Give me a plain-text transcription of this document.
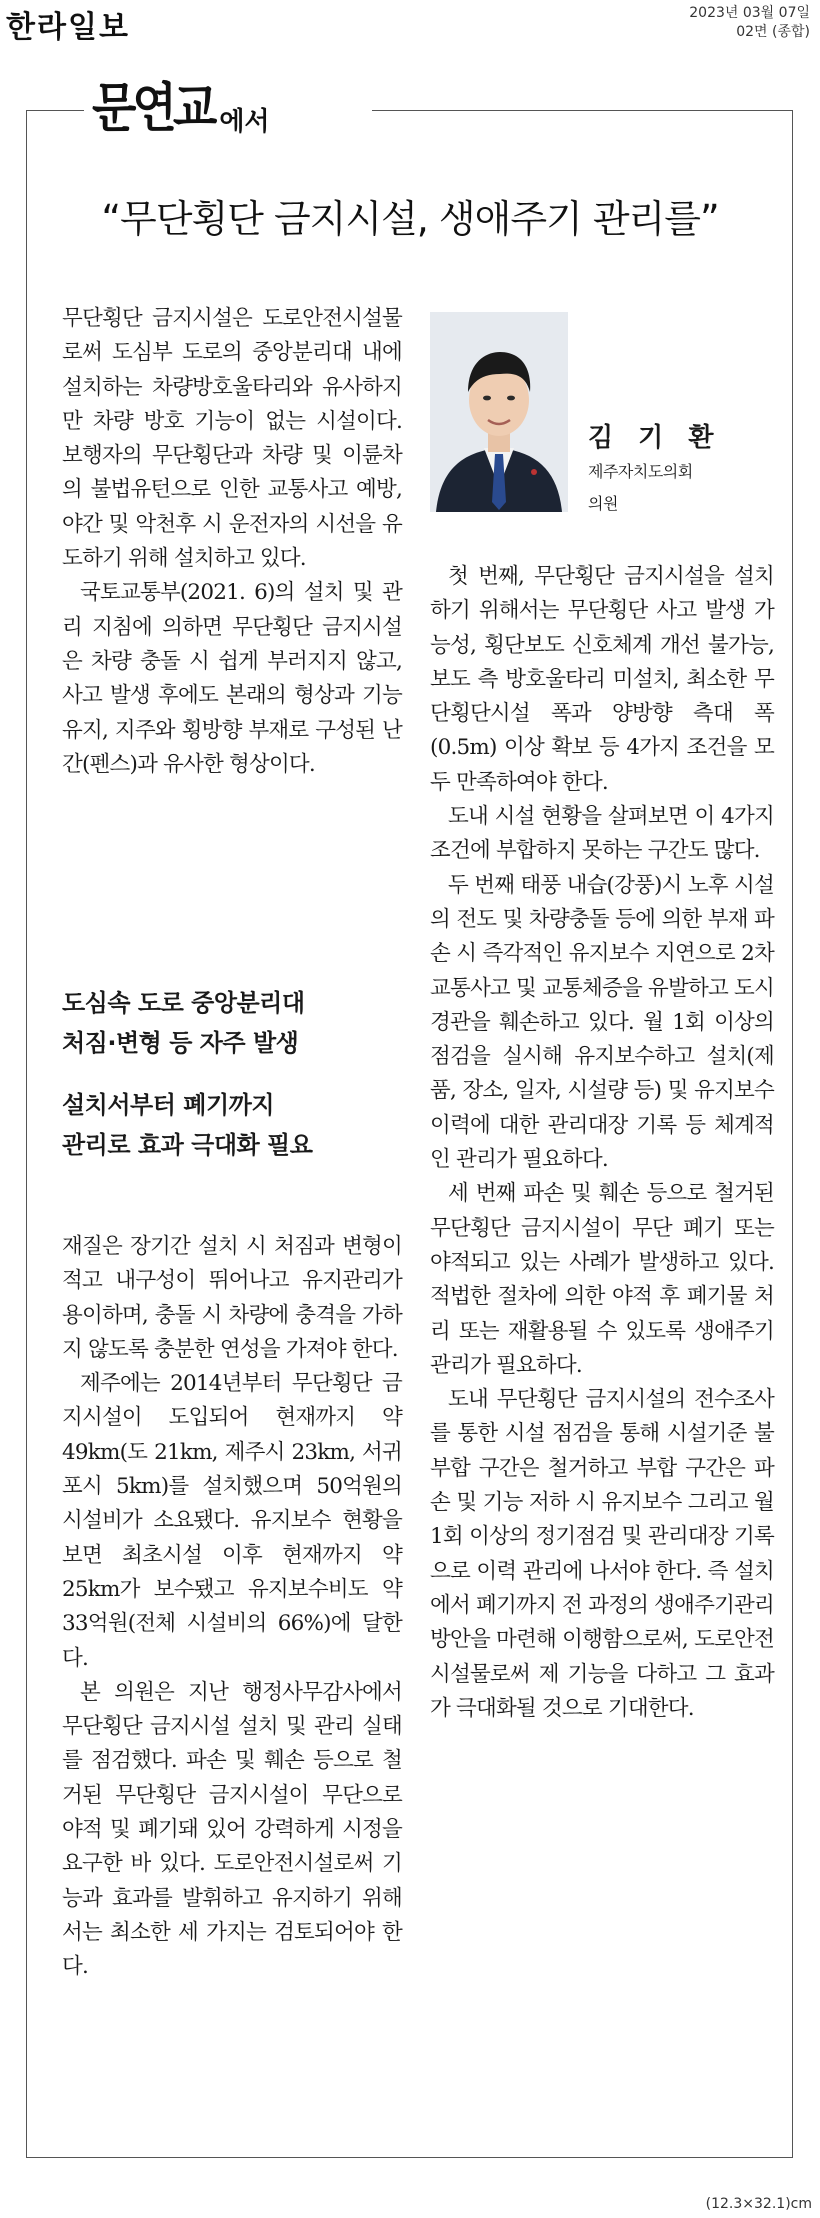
한라일보	2023년 03월 07일
02면 (종합)
문연교 에서
“무단횡단 금지시설, 생애주기 관리를”

무단횡단 금지시설은 도로안전시설물로써 도심부 도로의 중앙분리대 내에 설치하는 차량방호울타리와 유사하지만 차량 방호 기능이 없는 시설이다. 보행자의 무단횡단과 차량 및 이륜차의 불법유턴으로 인한 교통사고 예방, 야간 및 악천후 시 운전자의 시선을 유도하기 위해 설치하고 있다.

국토교통부(2021. 6)의 설치 및 관리 지침에 의하면 무단횡단 금지시설은 차량 충돌 시 쉽게 부러지지 않고, 사고 발생 후에도 본래의 형상과 기능 유지, 지주와 횡방향 부재로 구성된 난간(펜스)과 유사한 형상이다.

도심속 도로 중앙분리대
처짐·변형 등 자주 발생
설치서부터 폐기까지
관리로 효과 극대화 필요

재질은 장기간 설치 시 처짐과 변형이 적고 내구성이 뛰어나고 유지관리가 용이하며, 충돌 시 차량에 충격을 가하지 않도록 충분한 연성을 가져야 한다.

제주에는 2014년부터 무단횡단 금지시설이 도입되어 현재까지 약 49km(도 21km, 제주시 23km, 서귀포시 5km)를 설치했으며 50억원의 시설비가 소요됐다. 유지보수 현황을 보면 최초시설 이후 현재까지 약 25km가 보수됐고 유지보수비도 약 33억원(전체 시설비의 66%)에 달한다.

본 의원은 지난 행정사무감사에서 무단횡단 금지시설 설치 및 관리 실태를 점검했다. 파손 및 훼손 등으로 철거된 무단횡단 금지시설이 무단으로 야적 및 폐기돼 있어 강력하게 시정을 요구한 바 있다. 도로안전시설로써 기능과 효과를 발휘하고 유지하기 위해서는 최소한 세 가지는 검토되어야 한다.

김 기 환
제주자치도의회
의원

첫 번째, 무단횡단 금지시설을 설치하기 위해서는 무단횡단 사고 발생 가능성, 횡단보도 신호체계 개선 불가능, 보도 측 방호울타리 미설치, 최소한 무단횡단시설 폭과 양방향 측대 폭(0.5m) 이상 확보 등 4가지 조건을 모두 만족하여야 한다.

도내 시설 현황을 살펴보면 이 4가지 조건에 부합하지 못하는 구간도 많다.

두 번째 태풍 내습(강풍)시 노후 시설의 전도 및 차량충돌 등에 의한 부재 파손 시 즉각적인 유지보수 지연으로 2차 교통사고 및 교통체증을 유발하고 도시 경관을 훼손하고 있다. 월 1회 이상의 점검을 실시해 유지보수하고 설치(제품, 장소, 일자, 시설량 등) 및 유지보수 이력에 대한 관리대장 기록 등 체계적인 관리가 필요하다.

세 번째 파손 및 훼손 등으로 철거된 무단횡단 금지시설이 무단 폐기 또는 야적되고 있는 사례가 발생하고 있다. 적법한 절차에 의한 야적 후 폐기물 처리 또는 재활용될 수 있도록 생애주기관리가 필요하다.

도내 무단횡단 금지시설의 전수조사를 통한 시설 점검을 통해 시설기준 불부합 구간은 철거하고 부합 구간은 파손 및 기능 저하 시 유지보수 그리고 월 1회 이상의 정기점검 및 관리대장 기록으로 이력 관리에 나서야 한다. 즉 설치에서 폐기까지 전 과정의 생애주기관리 방안을 마련해 이행함으로써, 도로안전시설물로써 제 기능을 다하고 그 효과가 극대화될 것으로 기대한다.

(12.3×32.1)cm
